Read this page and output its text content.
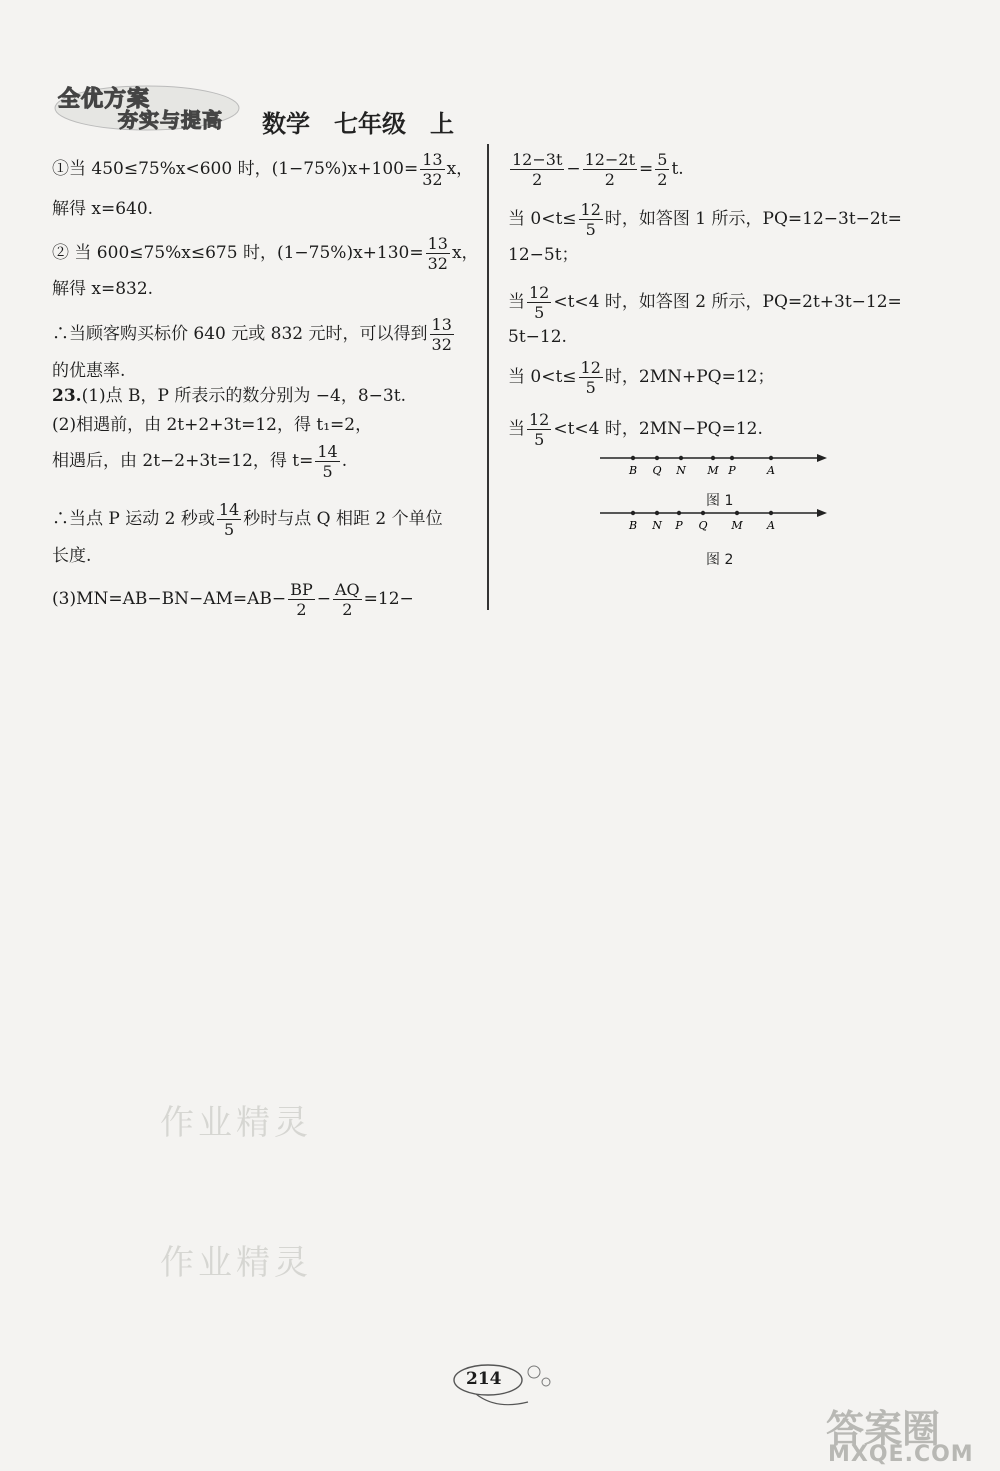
全优方案
夯实与提高 数学　七年级　上
①当 450≤75%x<600 时，$(1-75\%)x+100= \frac{13}{32}$ x，
解得 x=640.
② 当 600≤75%x≤675 时，$(1-75\%)x+130= \frac{13}{32}$ x，
解得 x=832.
∴当顾客购买标价 640 元或 832 元时，可以得到 $\frac{13}{32}$
的优惠率.
23.(1)点 B，P 所表示的数分别为 −4，8−3t.
(2)相遇前，由 2t+2+3t=12，得 t₁=2，
相遇后，由 2t−2+3t=12，得 $t= \frac{14}{5}$ .
∴当点 P 运动 2 秒或 $\frac{14}{5}$ 秒时与点 Q 相距 2 个单位
长度.
$(3)MN=AB-BN-AM=AB- \frac{BP}{2} - \frac{AQ}{2} =12-$
$\frac{12-3t}{2} - \frac{12-2t}{2} = \frac{5}{2} t$.
当 $0<t\le \frac{12}{5}$ 时，如答图 1 所示，PQ=12−3t−2t=
12−5t；
当 $\frac{12}{5} <t<4$ 时，如答图 2 所示，PQ=2t+3t−12=
5t−12.
当 $0<t\le \frac{12}{5}$ 时，2MN+PQ=12；
当 $\frac{12}{5} <t<4$ 时，2MN−PQ=12.
B Q N M P	A
图 1
B N P Q M A
图 2
作业精灵
作业精灵
214
答案圈
MXQE.COM
